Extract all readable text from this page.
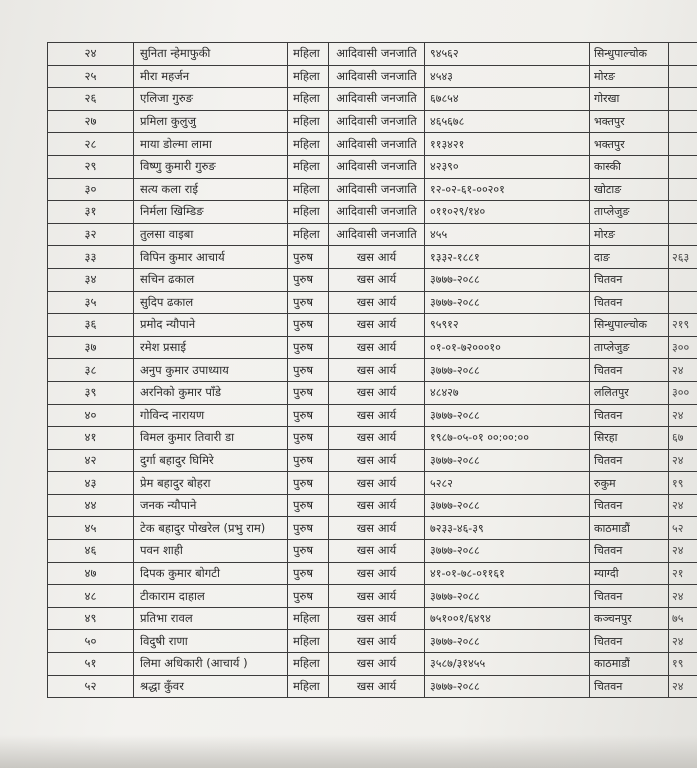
२४	सुनिता न्हेमाफुकी	महिला	आदिवासी जनजाति	९४५६२	सिन्धुपाल्चोक	
२५	मीरा महर्जन	महिला	आदिवासी जनजाति	४५४३	मोरङ	
२६	एलिजा गुरुङ	महिला	आदिवासी जनजाति	६७८५४	गोरखा	
२७	प्रमिला कुलुजु	महिला	आदिवासी जनजाति	४६५६७८	भक्तपुर	
२८	माया डोल्मा लामा	महिला	आदिवासी जनजाति	११३४२१	भक्तपुर	
२९	विष्णु कुमारी गुरुङ	महिला	आदिवासी जनजाति	४२३९०	कास्की	
३०	सत्य कला राई	महिला	आदिवासी जनजाति	१२-०२-६१-००२०१	खोटाङ	
३१	निर्मला खिम्डिङ	महिला	आदिवासी जनजाति	०११०२९/१४०	ताप्लेजुङ	
३२	तुलसा वाइबा	महिला	आदिवासी जनजाति	४५५	मोरङ	
३३	विपिन कुमार आचार्य	पुरुष	खस आर्य	१३३२-१८८१	दाङ	२६३
३४	सचिन ढकाल	पुरुष	खस आर्य	३७७७-२०८८	चितवन	
३५	सुदिप ढकाल	पुरुष	खस आर्य	३७७७-२०८८	चितवन	
३६	प्रमोद न्यौपाने	पुरुष	खस आर्य	९५९१२	सिन्धुपाल्चोक	२१९
३७	रमेश प्रसाई	पुरुष	खस आर्य	०१-०१-७२०००१०	ताप्लेजुङ	३००
३८	अनुप कुमार उपाध्याय	पुरुष	खस आर्य	३७७७-२०८८	चितवन	२४
३९	अरनिको कुमार पाँडे	पुरुष	खस आर्य	४८४२७	ललितपुर	३००
४०	गोविन्द नारायण	पुरुष	खस आर्य	३७७७-२०८८	चितवन	२४
४१	विमल कुमार तिवारी डा	पुरुष	खस आर्य	१९८७-०५-०१ ००:००:००	सिरहा	६७
४२	दुर्गा बहादुर घिमिरे	पुरुष	खस आर्य	३७७७-२०८८	चितवन	२४
४३	प्रेम बहादुर बोहरा	पुरुष	खस आर्य	५२८२	रुकुम	१९
४४	जनक न्यौपाने	पुरुष	खस आर्य	३७७७-२०८८	चितवन	२४
४५	टेक बहादुर पोखरेल (प्रभु राम)	पुरुष	खस आर्य	७२३३-४६-३९	काठमाडौं	५२
४६	पवन शाही	पुरुष	खस आर्य	३७७७-२०८८	चितवन	२४
४७	दिपक कुमार बोगटी	पुरुष	खस आर्य	४१-०१-७८-०११६१	म्याग्दी	२१
४८	टीकाराम दाहाल	पुरुष	खस आर्य	३७७७-२०८८	चितवन	२४
४९	प्रतिभा रावल	महिला	खस आर्य	७५१००१/६४९४	कञ्चनपुर	७५
५०	विदुषी राणा	महिला	खस आर्य	३७७७-२०८८	चितवन	२४
५१	लिमा अधिकारी (आचार्य )	महिला	खस आर्य	३५८७/३१४५५	काठमाडौं	१९
५२	श्रद्धा कुँवर	महिला	खस आर्य	३७७७-२०८८	चितवन	२४
